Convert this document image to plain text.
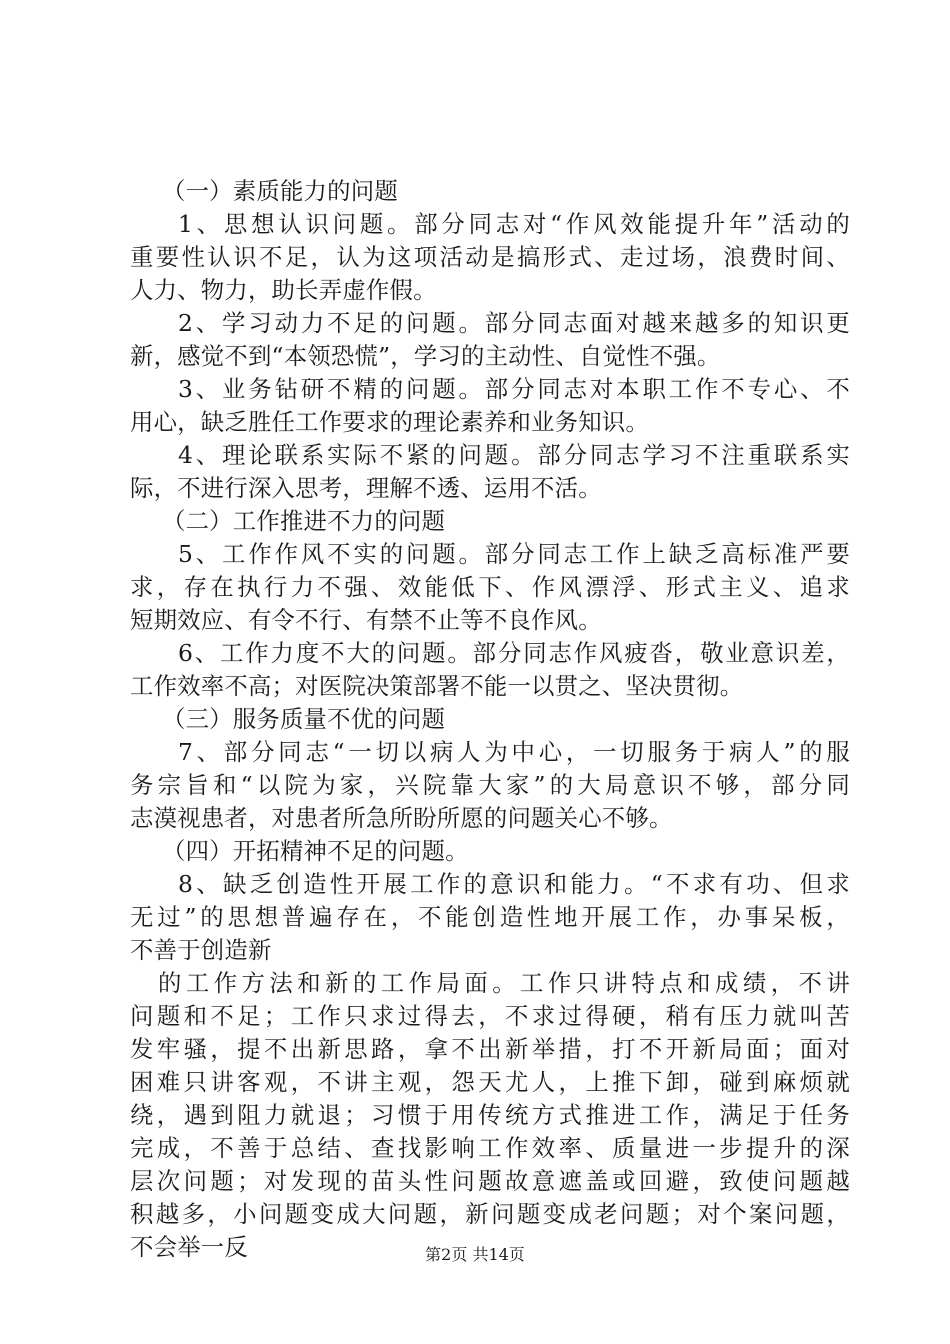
（一）素质能力的问题
1、思想认识问题。部分同志对“作风效能提升年”活动的
重要性认识不足，认为这项活动是搞形式、走过场，浪费时间、
人力、物力，助长弄虚作假。
2、学习动力不足的问题。部分同志面对越来越多的知识更
新，感觉不到“本领恐慌”，学习的主动性、自觉性不强。
3、业务钻研不精的问题。部分同志对本职工作不专心、不
用心，缺乏胜任工作要求的理论素养和业务知识。
4、理论联系实际不紧的问题。部分同志学习不注重联系实
际，不进行深入思考，理解不透、运用不活。
（二）工作推进不力的问题
5、工作作风不实的问题。部分同志工作上缺乏高标准严要
求，存在执行力不强、效能低下、作风漂浮、形式主义、追求
短期效应、有令不行、有禁不止等不良作风。
6、工作力度不大的问题。部分同志作风疲沓，敬业意识差，
工作效率不高；对医院决策部署不能一以贯之、坚决贯彻。
（三）服务质量不优的问题
7、部分同志“一切以病人为中心，一切服务于病人”的服
务宗旨和“以院为家，兴院靠大家”的大局意识不够，部分同
志漠视患者，对患者所急所盼所愿的问题关心不够。
（四）开拓精神不足的问题。
8、缺乏创造性开展工作的意识和能力。“不求有功、但求
无过”的思想普遍存在，不能创造性地开展工作，办事呆板，
不善于创造新
的工作方法和新的工作局面。工作只讲特点和成绩，不讲
问题和不足；工作只求过得去，不求过得硬，稍有压力就叫苦
发牢骚，提不出新思路，拿不出新举措，打不开新局面；面对
困难只讲客观，不讲主观，怨天尤人，上推下卸，碰到麻烦就
绕，遇到阻力就退；习惯于用传统方式推进工作，满足于任务
完成，不善于总结、查找影响工作效率、质量进一步提升的深
层次问题；对发现的苗头性问题故意遮盖或回避，致使问题越
积越多，小问题变成大问题，新问题变成老问题；对个案问题，
不会举一反	第2页 共14页
